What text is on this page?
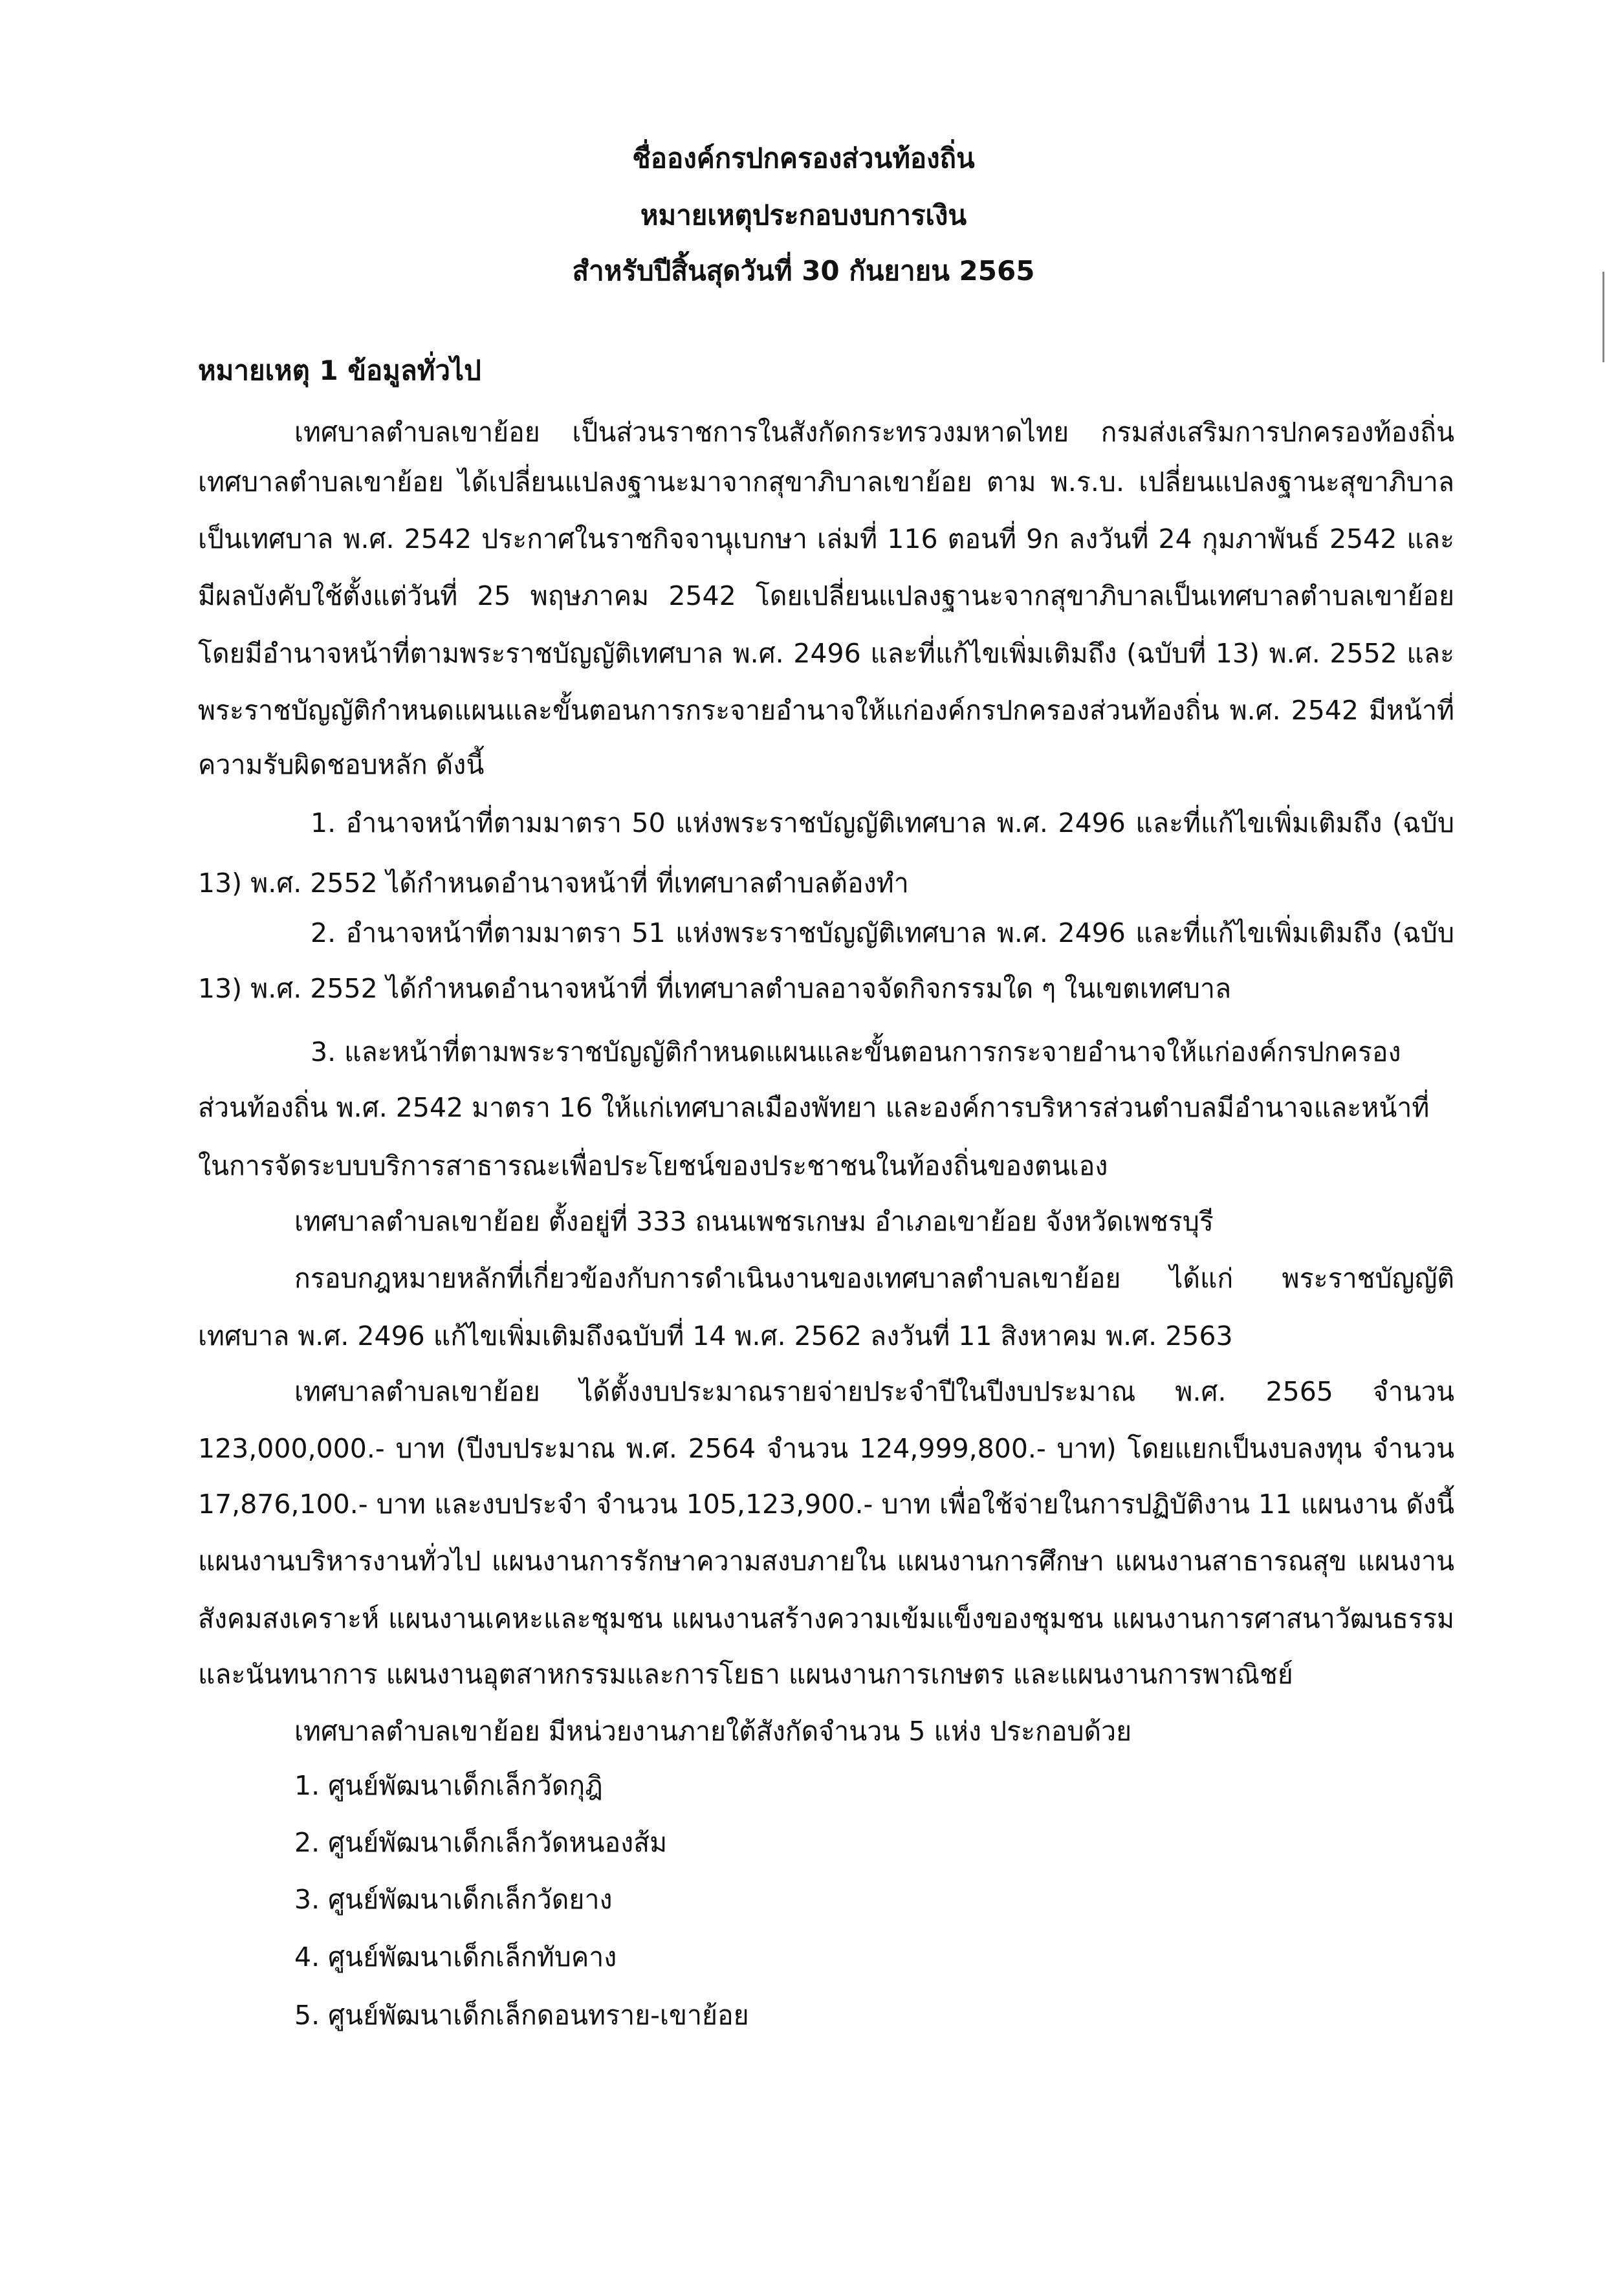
ชื่อองค์กรปกครองส่วนท้องถิ่น
หมายเหตุประกอบงบการเงิน
สำหรับปีสิ้นสุดวันที่ 30 กันยายน 2565
หมายเหตุ 1 ข้อมูลทั่วไป
เทศบาลตำบลเขาย้อย เป็นส่วนราชการในสังกัดกระทรวงมหาดไทย กรมส่งเสริมการปกครองท้องถิ่น
เทศบาลตำบลเขาย้อย ได้เปลี่ยนแปลงฐานะมาจากสุขาภิบาลเขาย้อย ตาม พ.ร.บ. เปลี่ยนแปลงฐานะสุขาภิบาล
เป็นเทศบาล พ.ศ. 2542 ประกาศในราชกิจจานุเบกษา เล่มที่ 116 ตอนที่ 9ก ลงวันที่ 24 กุมภาพันธ์ 2542 และ
มีผลบังคับใช้ตั้งแต่วันที่ 25 พฤษภาคม 2542 โดยเปลี่ยนแปลงฐานะจากสุขาภิบาลเป็นเทศบาลตำบลเขาย้อย
โดยมีอำนาจหน้าที่ตามพระราชบัญญัติเทศบาล พ.ศ. 2496 และที่แก้ไขเพิ่มเติมถึง (ฉบับที่ 13) พ.ศ. 2552 และ
พระราชบัญญัติกำหนดแผนและขั้นตอนการกระจายอำนาจให้แก่องค์กรปกครองส่วนท้องถิ่น พ.ศ. 2542 มีหน้าที่
ความรับผิดชอบหลัก ดังนี้
1. อำนาจหน้าที่ตามมาตรา 50 แห่งพระราชบัญญัติเทศบาล พ.ศ. 2496 และที่แก้ไขเพิ่มเติมถึง (ฉบับ
13) พ.ศ. 2552 ได้กำหนดอำนาจหน้าที่ ที่เทศบาลตำบลต้องทำ
2. อำนาจหน้าที่ตามมาตรา 51 แห่งพระราชบัญญัติเทศบาล พ.ศ. 2496 และที่แก้ไขเพิ่มเติมถึง (ฉบับ
13) พ.ศ. 2552 ได้กำหนดอำนาจหน้าที่ ที่เทศบาลตำบลอาจจัดกิจกรรมใด ๆ ในเขตเทศบาล
3. และหน้าที่ตามพระราชบัญญัติกำหนดแผนและขั้นตอนการกระจายอำนาจให้แก่องค์กรปกครอง
ส่วนท้องถิ่น พ.ศ. 2542 มาตรา 16 ให้แก่เทศบาลเมืองพัทยา และองค์การบริหารส่วนตำบลมีอำนาจและหน้าที่
ในการจัดระบบบริการสาธารณะเพื่อประโยชน์ของประชาชนในท้องถิ่นของตนเอง
เทศบาลตำบลเขาย้อย ตั้งอยู่ที่ 333 ถนนเพชรเกษม อำเภอเขาย้อย จังหวัดเพชรบุรี
กรอบกฎหมายหลักที่เกี่ยวข้องกับการดำเนินงานของเทศบาลตำบลเขาย้อย ได้แก่ พระราชบัญญัติ
เทศบาล พ.ศ. 2496 แก้ไขเพิ่มเติมถึงฉบับที่ 14 พ.ศ. 2562 ลงวันที่ 11 สิงหาคม พ.ศ. 2563
เทศบาลตำบลเขาย้อย ได้ตั้งงบประมาณรายจ่ายประจำปีในปีงบประมาณ พ.ศ. 2565 จำนวน
123,000,000.- บาท (ปีงบประมาณ พ.ศ. 2564 จำนวน 124,999,800.- บาท) โดยแยกเป็นงบลงทุน จำนวน
17,876,100.- บาท และงบประจำ จำนวน 105,123,900.- บาท เพื่อใช้จ่ายในการปฏิบัติงาน 11 แผนงาน ดังนี้
แผนงานบริหารงานทั่วไป แผนงานการรักษาความสงบภายใน แผนงานการศึกษา แผนงานสาธารณสุข แผนงาน
สังคมสงเคราะห์ แผนงานเคหะและชุมชน แผนงานสร้างความเข้มแข็งของชุมชน แผนงานการศาสนาวัฒนธรรม
และนันทนาการ แผนงานอุตสาหกรรมและการโยธา แผนงานการเกษตร และแผนงานการพาณิชย์
เทศบาลตำบลเขาย้อย มีหน่วยงานภายใต้สังกัดจำนวน 5 แห่ง ประกอบด้วย
1. ศูนย์พัฒนาเด็กเล็กวัดกุฎิ
2. ศูนย์พัฒนาเด็กเล็กวัดหนองส้ม
3. ศูนย์พัฒนาเด็กเล็กวัดยาง
4. ศูนย์พัฒนาเด็กเล็กทับคาง
5. ศูนย์พัฒนาเด็กเล็กดอนทราย-เขาย้อย
